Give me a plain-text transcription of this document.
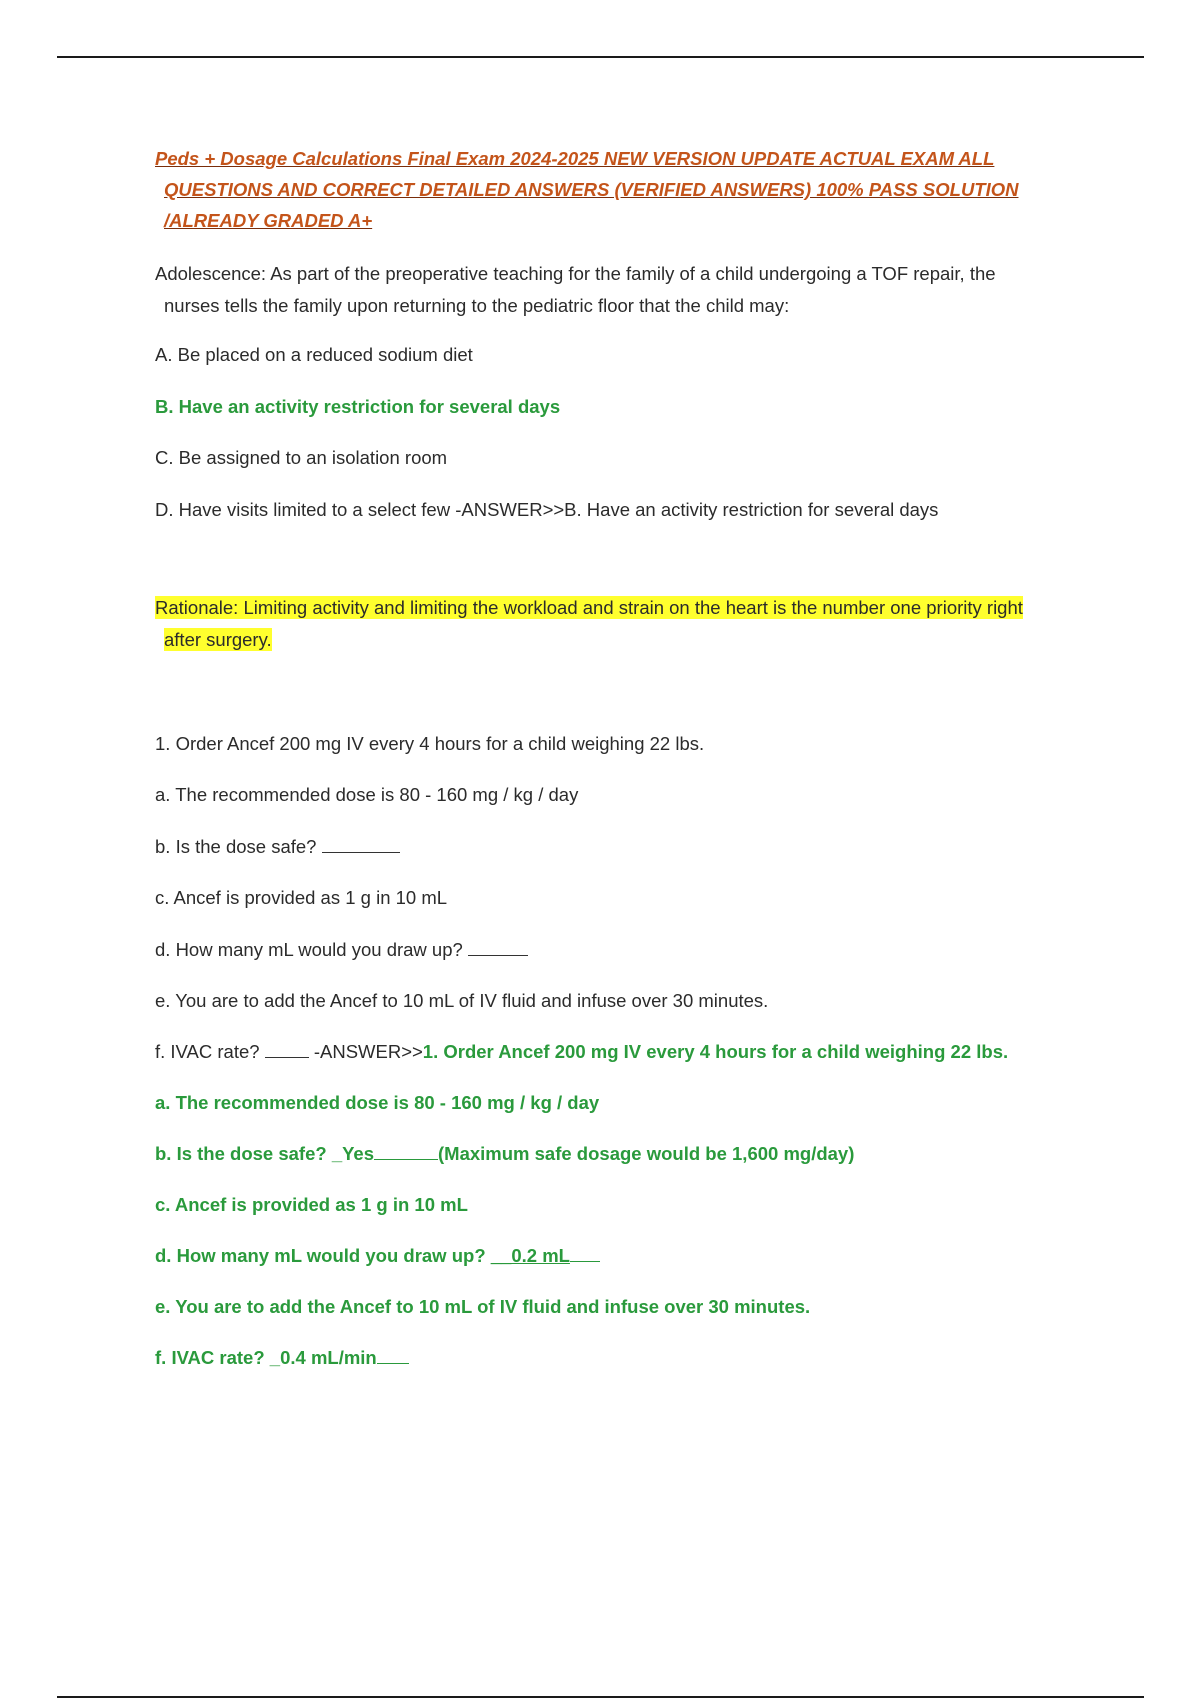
Peds + Dosage Calculations Final Exam 2024-2025 NEW VERSION UPDATE ACTUAL EXAM ALL QUESTIONS AND CORRECT DETAILED ANSWERS (VERIFIED ANSWERS) 100% PASS SOLUTION /ALREADY GRADED A+

Adolescence: As part of the preoperative teaching for the family of a child undergoing a TOF repair, the nurses tells the family upon returning to the pediatric floor that the child may:

A. Be placed on a reduced sodium diet

B. Have an activity restriction for several days

C. Be assigned to an isolation room

D. Have visits limited to a select few -ANSWER>>B. Have an activity restriction for several days

Rationale: Limiting activity and limiting the workload and strain on the heart is the number one priority right after surgery.

1. Order Ancef 200 mg IV every 4 hours for a child weighing 22 lbs.

a. The recommended dose is 80 - 160 mg / kg / day

b. Is the dose safe?

c. Ancef is provided as 1 g in 10 mL

d. How many mL would you draw up?

e. You are to add the Ancef to 10 mL of IV fluid and infuse over 30 minutes.

f. IVAC rate?	-ANSWER>>1. Order Ancef 200 mg IV every 4 hours for a child weighing 22 lbs.

a. The recommended dose is 80 - 160 mg / kg / day

b. Is the dose safe? _Yes	(Maximum safe dosage would be 1,600 mg/day)

c. Ancef is provided as 1 g in 10 mL

d. How many mL would you draw up? __0.2 mL

e. You are to add the Ancef to 10 mL of IV fluid and infuse over 30 minutes.

f. IVAC rate? _0.4 mL/min
